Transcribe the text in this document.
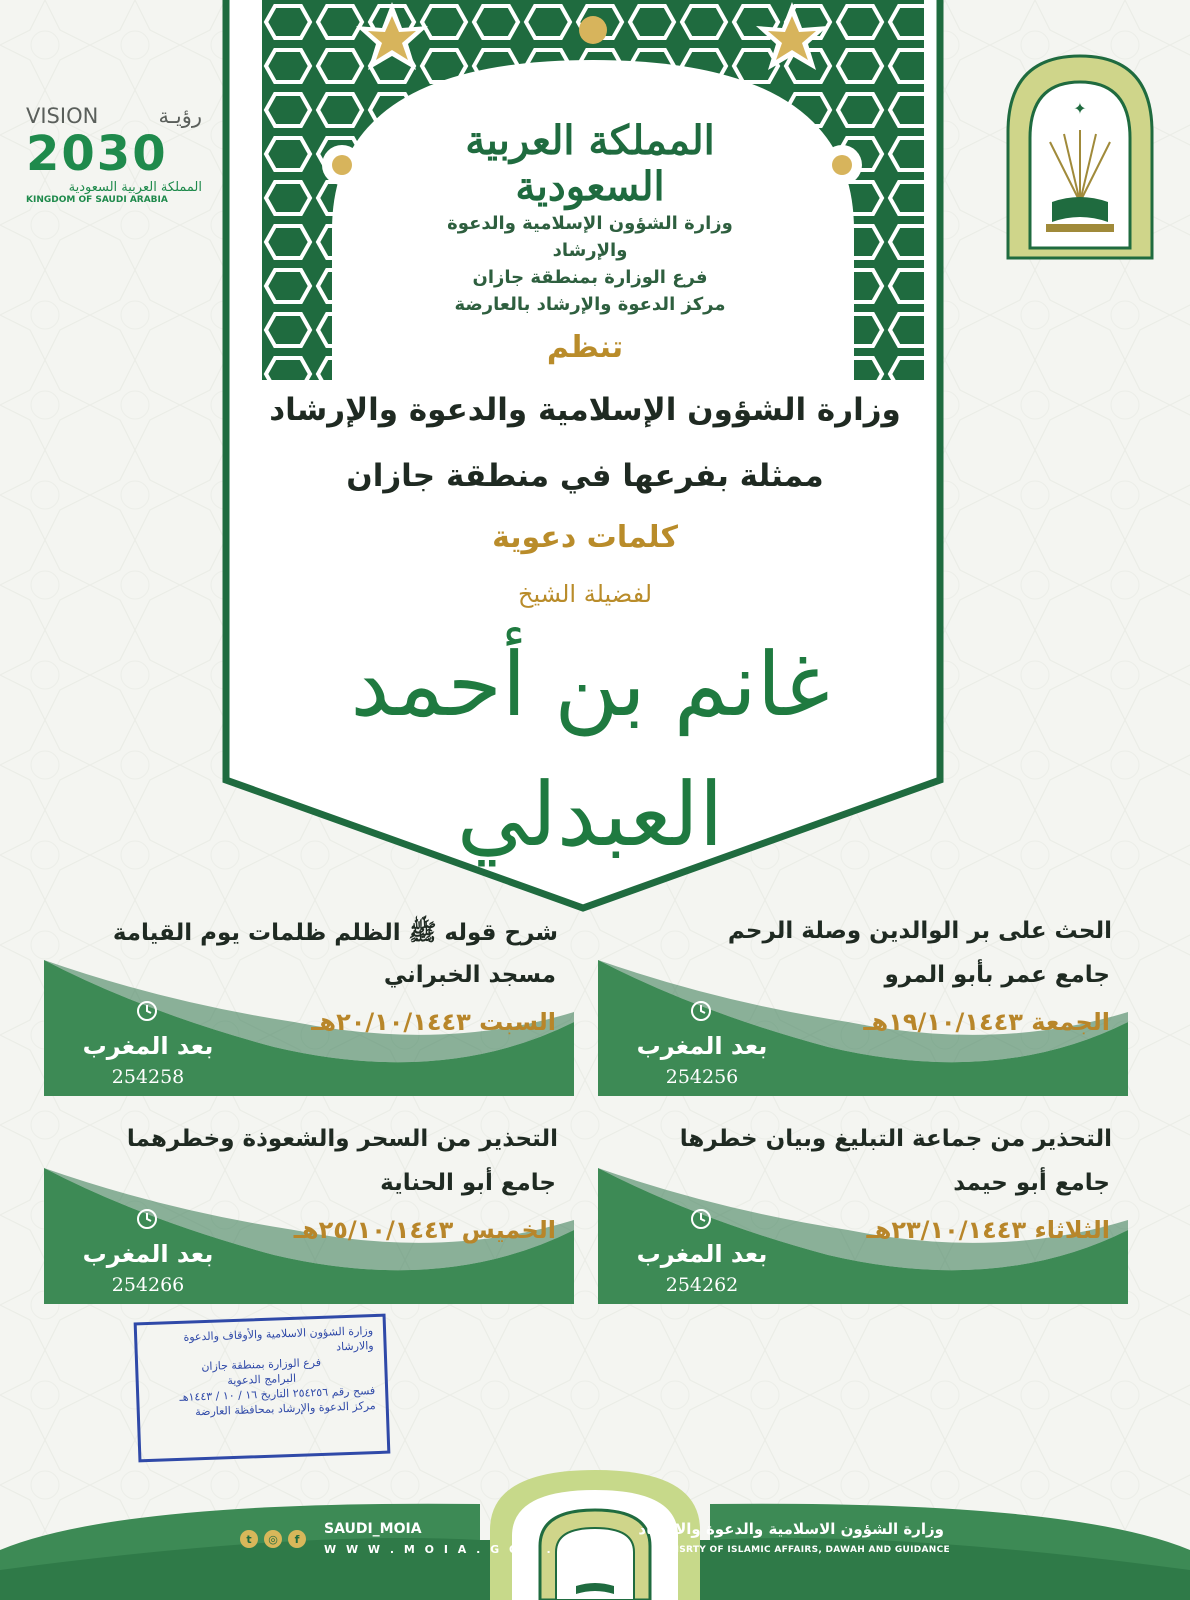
المملكة العربية السعودية
وزارة الشؤون الإسلامية والدعوة والإرشاد
فرع الوزارة بمنطقة جازان
مركز الدعوة والإرشاد بالعارضة
VISION	رؤيـة
2030
المملكة العربية السعودية
KINGDOM OF SAUDI ARABIA
✦
تنظم
وزارة الشؤون الإسلامية والدعوة والإرشاد
ممثلة بفرعها في منطقة جازان
كلمات دعوية
لفضيلة الشيخ
غانم بن أحمد العبدلي
الحث على بر الوالدين وصلة الرحم
جامع عمر بأبو المرو
الجمعة ١٩/١٠/١٤٤٣هـ
بعد المغرب
254256
شرح قوله ﷺ الظلم ظلمات يوم القيامة
مسجد الخبراني
السبت ٢٠/١٠/١٤٤٣هـ
بعد المغرب
254258
التحذير من جماعة التبليغ وبيان خطرها
جامع أبو حيمد
الثلاثاء ٢٣/١٠/١٤٤٣هـ
بعد المغرب
254262
التحذير من السحر والشعوذة وخطرهما
جامع أبو الحناية
الخميس ٢٥/١٠/١٤٤٣هـ
بعد المغرب
254266
وزارة الشؤون الاسلامية والأوقاف والدعوة والارشاد
فرع الوزارة بمنطقة جازان
البرامج الدعوية
فسح رقم ٢٥٤٢٥٦ التاريخ ١٦ / ١٠ / ١٤٤٣هـ
مركز الدعوة والإرشاد بمحافظة العارضة
وزارة الشؤون الاسلامية والدعوة والارشاد
MINISRTY OF ISLAMIC AFFAIRS, DAWAH AND GUIDANCE
SAUDI_MOIA
W W W . M O I A . G O V . S A
t	◎	f
